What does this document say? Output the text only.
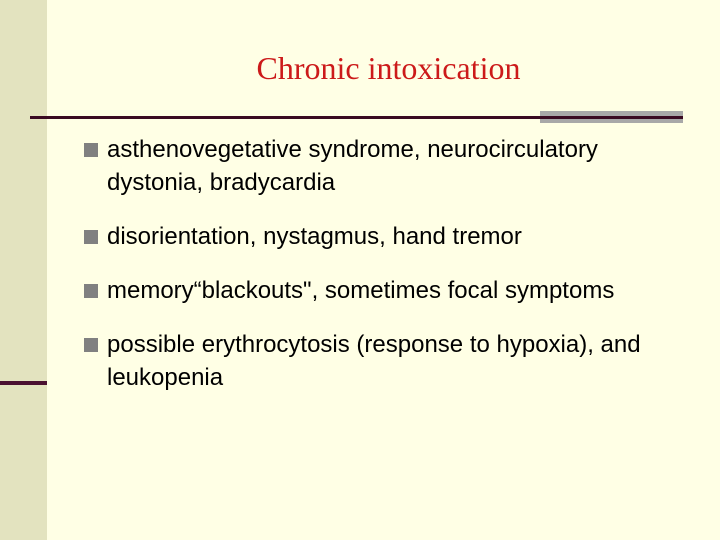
Chronic intoxication
asthenovegetative syndrome, neurocirculatory dystonia, bradycardia
disorientation, nystagmus, hand tremor
memory“blackouts", sometimes focal symptoms
possible erythrocytosis (response to hypoxia), and leukopenia
